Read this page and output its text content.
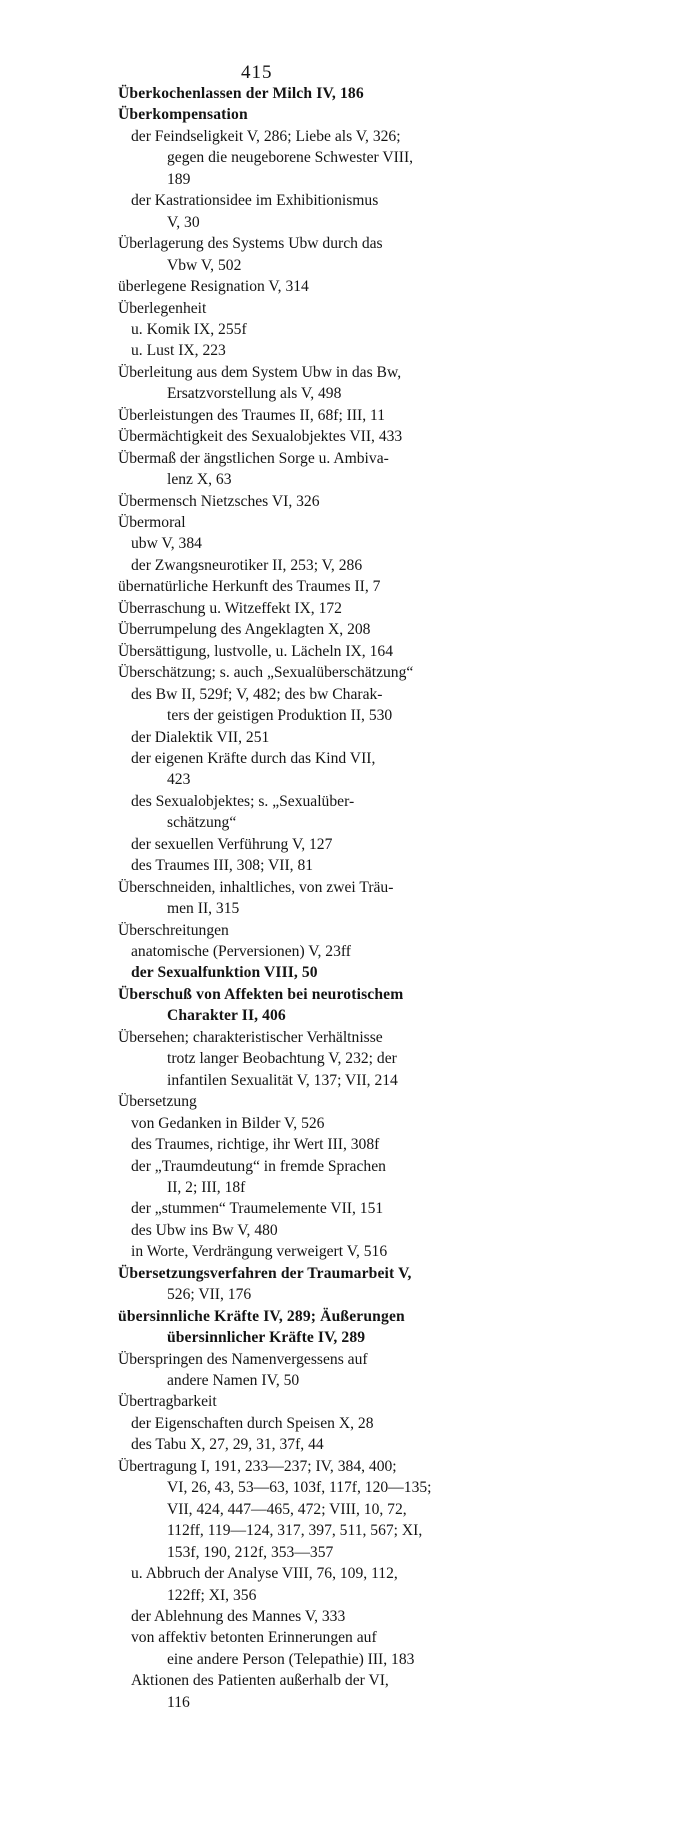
415
Überkochenlassen der Milch IV, 186
Überkompensation
der Feindseligkeit V, 286; Liebe als V, 326;
gegen die neugeborene Schwester VIII,
189
der Kastrationsidee im Exhibitionismus
V, 30
Überlagerung des Systems Ubw durch das
Vbw V, 502
überlegene Resignation V, 314
Überlegenheit
u. Komik IX, 255f
u. Lust IX, 223
Überleitung aus dem System Ubw in das Bw,
Ersatzvorstellung als V, 498
Überleistungen des Traumes II, 68f; III, 11
Übermächtigkeit des Sexualobjektes VII, 433
Übermaß der ängstlichen Sorge u. Ambiva-
lenz X, 63
Übermensch Nietzsches VI, 326
Übermoral
ubw V, 384
der Zwangsneurotiker II, 253; V, 286
übernatürliche Herkunft des Traumes II, 7
Überraschung u. Witzeffekt IX, 172
Überrumpelung des Angeklagten X, 208
Übersättigung, lustvolle, u. Lächeln IX, 164
Überschätzung; s. auch „Sexualüberschätzung“
des Bw II, 529f; V, 482; des bw Charak-
ters der geistigen Produktion II, 530
der Dialektik VII, 251
der eigenen Kräfte durch das Kind VII,
423
des Sexualobjektes; s. „Sexualüber-
schätzung“
der sexuellen Verführung V, 127
des Traumes III, 308; VII, 81
Überschneiden, inhaltliches, von zwei Träu-
men II, 315
Überschreitungen
anatomische (Perversionen) V, 23ff
der Sexualfunktion VIII, 50
Überschuß von Affekten bei neurotischem
Charakter II, 406
Übersehen; charakteristischer Verhältnisse
trotz langer Beobachtung V, 232; der
infantilen Sexualität V, 137; VII, 214
Übersetzung
von Gedanken in Bilder V, 526
des Traumes, richtige, ihr Wert III, 308f
der „Traumdeutung“ in fremde Sprachen
II, 2; III, 18f
der „stummen“ Traumelemente VII, 151
des Ubw ins Bw V, 480
in Worte, Verdrängung verweigert V, 516
Übersetzungsverfahren der Traumarbeit V,
526; VII, 176
übersinnliche Kräfte IV, 289; Äußerungen
übersinnlicher Kräfte IV, 289
Überspringen des Namenvergessens auf
andere Namen IV, 50
Übertragbarkeit
der Eigenschaften durch Speisen X, 28
des Tabu X, 27, 29, 31, 37f, 44
Übertragung I, 191, 233—237; IV, 384, 400;
VI, 26, 43, 53—63, 103f, 117f, 120—135;
VII, 424, 447—465, 472; VIII, 10, 72,
112ff, 119—124, 317, 397, 511, 567; XI,
153f, 190, 212f, 353—357
u. Abbruch der Analyse VIII, 76, 109, 112,
122ff; XI, 356
der Ablehnung des Mannes V, 333
von affektiv betonten Erinnerungen auf
eine andere Person (Telepathie) III, 183
Aktionen des Patienten außerhalb der VI,
116
